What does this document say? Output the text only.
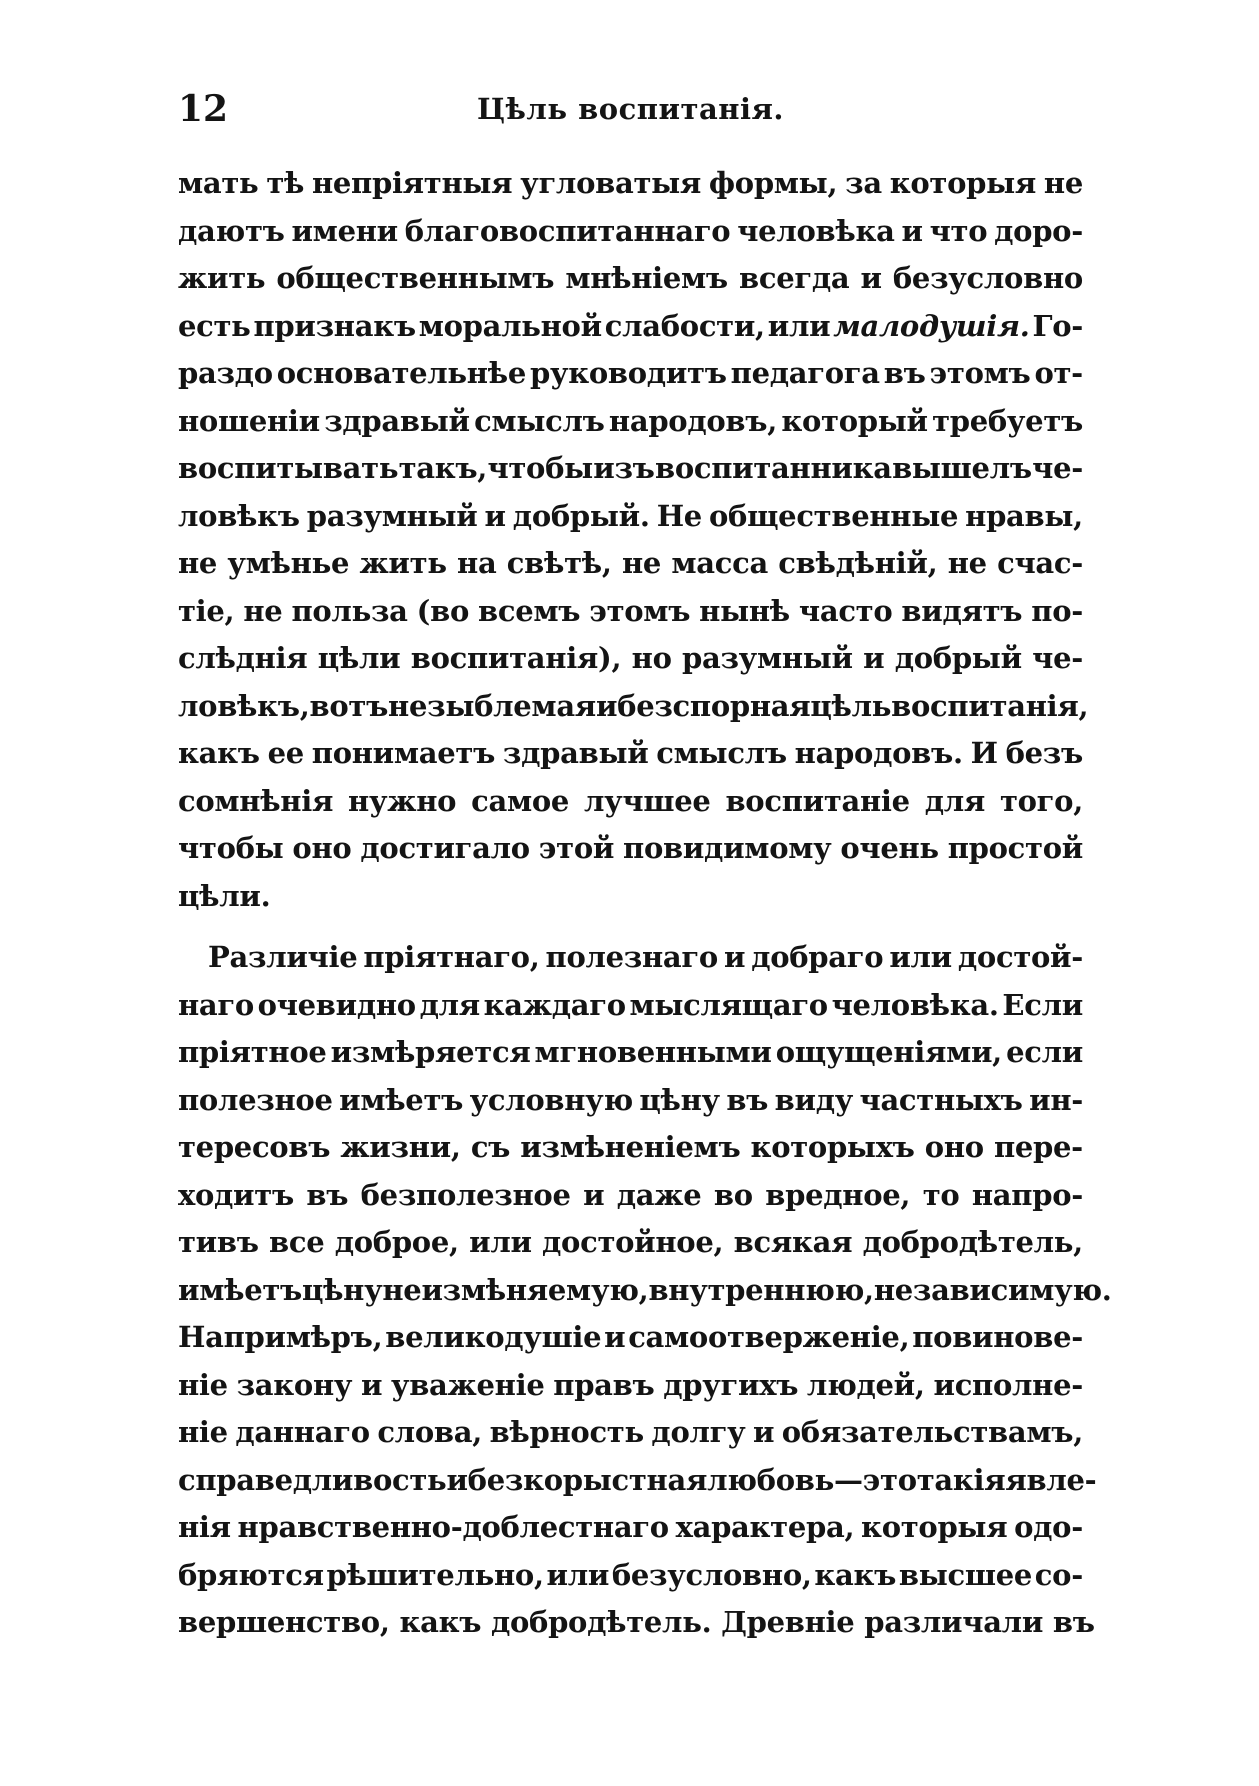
12	Цѣль воспитанія.
мать тѣ непріятныя угловатыя формы, за которыя не
даютъ имени благовоспитаннаго человѣка и что доро-
жить общественнымъ мнѣніемъ всегда и безусловно
есть признакъ моральной слабости, или малодушія. Го-
раздо основательнѣе руководитъ педагога въ этомъ от-
ношеніи здравый смыслъ народовъ, который требуетъ
воспитывать такъ, чтобы изъ воспитанника вышелъ че-
ловѣкъ разумный и добрый. Не общественные нравы,
не умѣнье жить на свѣтѣ, не масса свѣдѣній, не счас-
тіе, не польза (во всемъ этомъ нынѣ часто видятъ по-
слѣднія цѣли воспитанія), но разумный и добрый че-
ловѣкъ, вотъ незыблемая и безспорная цѣль воспитанія,
какъ ее понимаетъ здравый смыслъ народовъ. И безъ
сомнѣнія нужно самое лучшее воспитаніе для того,
чтобы оно достигало этой повидимому очень простой
цѣли.
Различіе пріятнаго, полезнаго и добраго или достой-
наго очевидно для каждаго мыслящаго человѣка. Если
пріятное измѣряется мгновенными ощущеніями, если
полезное имѣетъ условную цѣну въ виду частныхъ ин-
тересовъ жизни, съ измѣненіемъ которыхъ оно пере-
ходитъ въ безполезное и даже во вредное, то напро-
тивъ все доброе, или достойное, всякая добродѣтель,
имѣетъ цѣну неизмѣняемую, внутреннюю, независимую.
Напримѣръ, великодушіе и самоотверженіе, повинове-
ніе закону и уваженіе правъ другихъ людей, исполне-
ніе даннаго слова, вѣрность долгу и обязательствамъ,
справедливость и безкорыстная любовь—это такія явле-
нія нравственно-доблестнаго характера, которыя одо-
бряются рѣшительно, или безусловно, какъ высшее со-
вершенство,
какъ
добродѣтель.
Древніе
различали
въ
